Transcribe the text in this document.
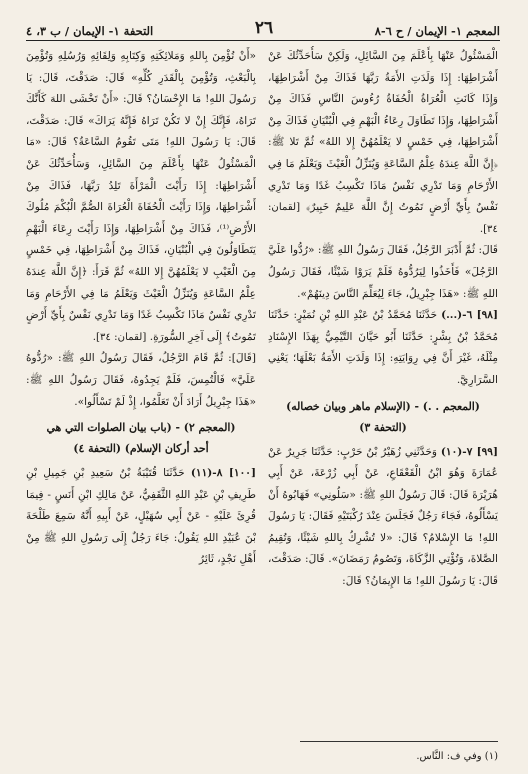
المعجم ١- الإيمان / ح ٦-٨
٢٦
التحفة ١- الإيمان / ب ٣، ٤

الْمَسْئُولُ عَنْهَا بِأَعْلَمَ مِنَ السَّائِلِ، وَلَكِنْ سَأُحَدِّثُكَ عَنْ أَشْرَاطِهَا: إِذَا وَلَدَتِ الأَمَةُ رَبَّهَا فَذَاكَ مِنْ أَشْرَاطِهَا، وَإِذَا كَانَتِ الْعُرَاةُ الْحُفَاةُ رُءُوسَ النَّاسِ فَذَاكَ مِنْ أَشْرَاطِهَا، وَإِذَا تَطَاوَلَ رِعَاءُ الْبَهْمِ فِي الْبُنْيَانِ فَذَاكَ مِنْ أَشْرَاطِهَا، فِي خَمْسٍ لا يَعْلَمُهُنَّ إِلا اللهُ» ثُمَّ تَلا ﷺ: ﴿إِنَّ اللَّهَ عِندَهُ عِلْمُ السَّاعَةِ وَيُنَزِّلُ الْغَيْثَ وَيَعْلَمُ مَا فِي الأَرْحَامِ وَمَا تَدْرِي نَفْسٌ مَاذَا تَكْسِبُ غَدًا وَمَا تَدْرِي نَفْسٌ بِأَيِّ أَرْضٍ تَمُوتُ إِنَّ اللَّهَ عَلِيمٌ خَبِيرٌ﴾ [لقمان: ٣٤].

قَالَ: ثُمَّ أَدْبَرَ الرَّجُلُ، فَقَالَ رَسُولُ اللهِ ﷺ: «رُدُّوا عَلَيَّ الرَّجُلَ» فَأَخَذُوا لِيَرُدُّوهُ فَلَمْ يَرَوْا شَيْئًا، فَقَالَ رَسُولُ اللهِ ﷺ: «هَذَا جِبْرِيلُ، جَاءَ لِيُعَلِّمَ النَّاسَ دِينَهُمْ».

[٩٨] ٦-(...) حَدَّثَنَا مُحَمَّدُ بْنُ عَبْدِ اللهِ بْنِ نُمَيْرٍ: حَدَّثَنَا مُحَمَّدُ بْنُ بِشْرٍ: حَدَّثَنَا أَبُو حَيَّانَ التَّيْمِيُّ بِهَذَا الإِسْنَادِ مِثْلَهُ، غَيْرَ أَنَّ فِي رِوَايَتِهِ: إِذَا وَلَدَتِ الأَمَةُ بَعْلَهَا؛ يَعْنِي السَّرَارِيَّ.

(المعجم . .) - (الإسلام ماهر وبيان خصاله) (التحفة ٣)

[٩٩] ٧-(١٠) وَحَدَّثَنِي زُهَيْرُ بْنُ حَرْبٍ: حَدَّثَنَا جَرِيرٌ عَنْ عُمَارَةَ وَهُوَ ابْنُ الْقَعْقَاعِ، عَنْ أَبِي زُرْعَةَ، عَنْ أَبِي هُرَيْرَةَ قَالَ: قَالَ رَسُولُ اللهِ ﷺ: «سَلُونِي» فَهَابُوهُ أَنْ يَسْأَلُوهُ، فَجَاءَ رَجُلٌ فَجَلَسَ عِنْدَ رُكْبَتَيْهِ فَقَالَ: يَا رَسُولَ اللهِ! مَا الإِسْلامُ؟ قَالَ: «لا تُشْرِكُ بِاللهِ شَيْئًا، وَتُقِيمُ الصَّلاةَ، وَتُؤْتِي الزَّكَاةَ، وَتَصُومُ رَمَضَانَ». قَالَ: صَدَقْتَ، قَالَ: يَا رَسُولَ اللهِ! مَا الإِيمَانُ؟ قَالَ:

«أَنْ تُؤْمِنَ بِاللهِ وَمَلائِكَتِهِ وَكِتَابِهِ وَلِقَائِهِ وَرُسُلِهِ وَتُؤْمِنَ بِالْبَعْثِ، وَتُؤْمِنَ بِالْقَدَرِ كُلِّهِ» قَالَ: صَدَقْتَ، قَالَ: يَا رَسُولَ اللهِ! مَا الإِحْسَانُ؟ قَالَ: «أَنْ تَخْشَى اللهَ كَأَنَّكَ تَرَاهُ، فَإِنَّكَ إِنْ لا تَكُنْ تَرَاهُ فَإِنَّهُ يَرَاكَ» قَالَ: صَدَقْتَ، قَالَ: يَا رَسُولَ اللهِ! مَتَى تَقُومُ السَّاعَةُ؟ قَالَ: «مَا الْمَسْئُولُ عَنْهَا بِأَعْلَمَ مِنَ السَّائِلِ، وَسَأُحَدِّثُكَ عَنْ أَشْرَاطِهَا: إِذَا رَأَيْتَ الْمَرْأَةَ تَلِدُ رَبَّهَا، فَذَاكَ مِنْ أَشْرَاطِهَا، وَإِذَا رَأَيْتَ الْحُفَاةَ الْعُرَاةَ الصُّمَّ الْبُكْمَ مُلُوكَ الأَرْضِ⁽¹⁾، فَذَاكَ مِنْ أَشْرَاطِهَا، وَإِذَا رَأَيْتَ رِعَاءَ الْبَهْمِ يَتَطَاوَلُونَ فِي الْبُنْيَانِ، فَذَاكَ مِنْ أَشْرَاطِهَا، فِي خَمْسٍ مِنَ الْغَيْبِ لا يَعْلَمُهُنَّ إِلا اللهُ» ثُمَّ قَرَأَ: ﴿إِنَّ اللَّهَ عِندَهُ عِلْمُ السَّاعَةِ وَيُنَزِّلُ الْغَيْثَ وَيَعْلَمُ مَا فِي الأَرْحَامِ وَمَا تَدْرِي نَفْسٌ مَاذَا تَكْسِبُ غَدًا وَمَا تَدْرِي نَفْسٌ بِأَيِّ أَرْضٍ تَمُوتُ﴾ إِلَى آخِرِ السُّورَةِ. [لقمان: ٣٤].

[قَالَ]: ثُمَّ قَامَ الرَّجُلُ، فَقَالَ رَسُولُ اللهِ ﷺ: «رُدُّوهُ عَلَيَّ» فَالْتُمِسَ، فَلَمْ يَجِدُوهُ، فَقَالَ رَسُولُ اللهِ ﷺ: «هَذَا جِبْرِيلُ أَرَادَ أَنْ تَعَلَّمُوا، إِذْ لَمْ تَسْأَلُوا».

(المعجم ٢) - (باب بيان الصلوات التي هي
أحد أركان الإسلام) (التحفة ٤)

[١٠٠] ٨-(١١) حَدَّثَنَا قُتَيْبَةُ بْنُ سَعِيدِ بْنِ جَمِيلِ بْنِ طَرِيفِ بْنِ عَبْدِ اللهِ الثَّقَفِيُّ، عَنْ مَالِكِ ابْنِ أَنَسٍ - فِيمَا قُرِئَ عَلَيْهِ - عَنْ أَبِي سُهَيْلٍ، عَنْ أَبِيهِ أَنَّهُ سَمِعَ طَلْحَةَ بْنَ عُبَيْدِ اللهِ يَقُولُ: جَاءَ رَجُلٌ إِلَى رَسُولِ اللهِ ﷺ مِنْ أَهْلِ نَجْدٍ، ثَائِرُ

(١) وفي ف: النَّاس.
